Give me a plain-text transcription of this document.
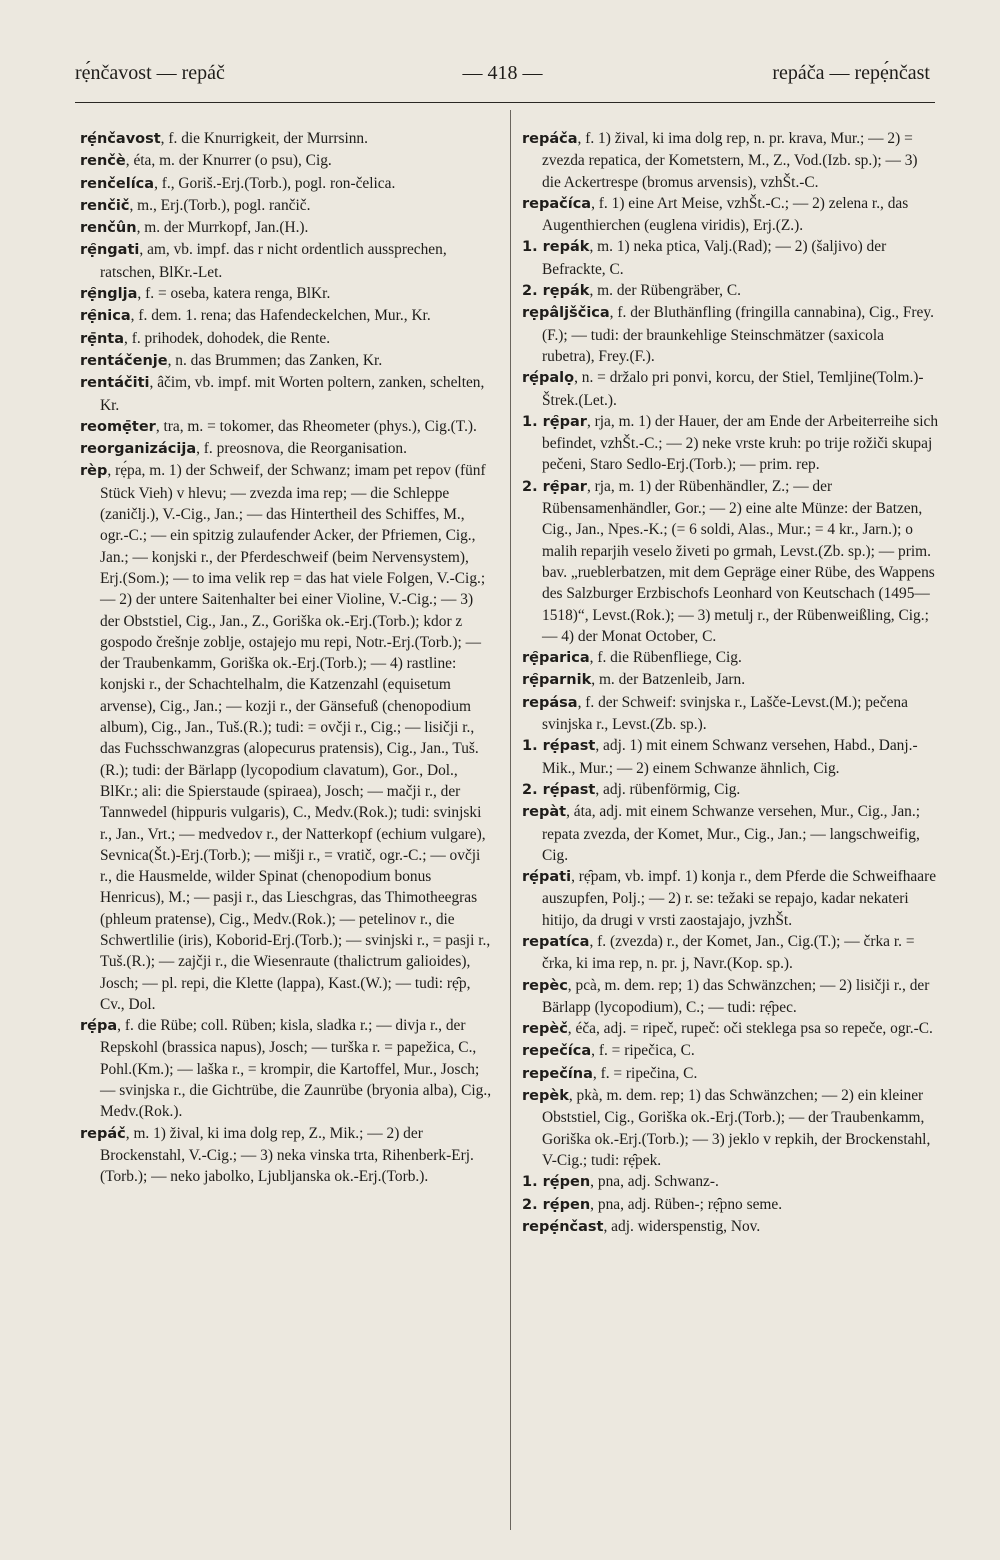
rẹ́nčavost — repáč	— 418 —	repáča — repẹ́nčast

rẹ́nčavost, f. die Knurrigkeit, der Murrsinn.

renčè, éta, m. der Knurrer (o psu), Cig.

renčelíca, f., Goriš.-Erj.(Torb.), pogl. ron-čelica.

renčič, m., Erj.(Torb.), pogl. rančič.

renčûn, m. der Murrkopf, Jan.(H.).

rẹ̑ngati, am, vb. impf. das r nicht ordentlich aussprechen, ratschen, BlKr.-Let.

rẹ̑nglja, f. = oseba, katera renga, BlKr.

rẹ̑nica, f. dem. 1. rena; das Hafendeckelchen, Mur., Kr.

rẹ̄nta, f. prihodek, dohodek, die Rente.

rentáčenje, n. das Brummen; das Zanken, Kr.

rentáčiti, âčim, vb. impf. mit Worten poltern, zanken, schelten, Kr.

reomẹ̄ter, tra, m. = tokomer, das Rheometer (phys.), Cig.(T.).

reorganizácija, f. preosnova, die Reorganisation.

rèp, rẹ́pa, m. 1) der Schweif, der Schwanz; imam pet repov (fünf Stück Vieh) v hlevu; — zvezda ima rep; — die Schleppe (zaničlj.), V.-Cig., Jan.; — das Hintertheil des Schiffes, M., ogr.-C.; — ein spitzig zulaufender Acker, der Pfriemen, Cig., Jan.; — konjski r., der Pferdeschweif (beim Nervensystem), Erj.(Som.); — to ima velik rep = das hat viele Folgen, V.-Cig.; — 2) der untere Saitenhalter bei einer Violine, V.-Cig.; — 3) der Obststiel, Cig., Jan., Z., Goriška ok.-Erj.(Torb.); kdor z gospodo črešnje zoblje, ostajejo mu repi, Notr.-Erj.(Torb.); — der Traubenkamm, Goriška ok.-Erj.(Torb.); — 4) rastline: konjski r., der Schachtelhalm, die Katzenzahl (equisetum arvense), Cig., Jan.; — kozji r., der Gänsefuß (chenopodium album), Cig., Jan., Tuš.(R.); tudi: = ovčji r., Cig.; — lisičji r., das Fuchsschwanzgras (alopecurus pratensis), Cig., Jan., Tuš.(R.); tudi: der Bärlapp (lycopodium clavatum), Gor., Dol., BlKr.; ali: die Spierstaude (spiraea), Josch; — mačji r., der Tannwedel (hippuris vulgaris), C., Medv.(Rok.); tudi: svinjski r., Jan., Vrt.; — medvedov r., der Natterkopf (echium vulgare), Sevnica(Št.)-Erj.(Torb.); — mišji r., = vratič, ogr.-C.; — ovčji r., die Hausmelde, wilder Spinat (chenopodium bonus Henricus), M.; — pasji r., das Lieschgras, das Thimotheegras (phleum pratense), Cig., Medv.(Rok.); — petelinov r., die Schwertlilie (iris), Koborid-Erj.(Torb.); — svinjski r., = pasji r., Tuš.(R.); — zajčji r., die Wiesenraute (thalictrum galioides), Josch; — pl. repi, die Klette (lappa), Kast.(W.); — tudi: rẹ̑p, Cv., Dol.

rẹ́pa, f. die Rübe; coll. Rüben; kisla, sladka r.; — divja r., der Repskohl (brassica napus), Josch; — turška r. = papežica, C., Pohl.(Km.); — laška r., = krompir, die Kartoffel, Mur., Josch; — svinjska r., die Gichtrübe, die Zaunrübe (bryonia alba), Cig., Medv.(Rok.).

repáč, m. 1) žival, ki ima dolg rep, Z., Mik.; — 2) der Brockenstahl, V.-Cig.; — 3) neka vinska trta, Rihenberk-Erj.(Torb.); — neko jabolko, Ljubljanska ok.-Erj.(Torb.).

repáča, f. 1) žival, ki ima dolg rep, n. pr. krava, Mur.; — 2) = zvezda repatica, der Kometstern, M., Z., Vod.(Izb. sp.); — 3) die Ackertrespe (bromus arvensis), vzhŠt.-C.

repačíca, f. 1) eine Art Meise, vzhŠt.-C.; — 2) zelena r., das Augenthierchen (euglena viridis), Erj.(Z.).

1. repák, m. 1) neka ptica, Valj.(Rad); — 2) (šaljivo) der Befrackte, C.

2. rẹpák, m. der Rübengräber, C.

rẹpâljščica, f. der Bluthänfling (fringilla cannabina), Cig., Frey.(F.); — tudi: der braunkehlige Steinschmätzer (saxicola rubetra), Frey.(F.).

rẹ́palọ, n. = držalo pri ponvi, korcu, der Stiel, Temljine(Tolm.)-Štrek.(Let.).

1. rẹ̑par, rja, m. 1) der Hauer, der am Ende der Arbeiterreihe sich befindet, vzhŠt.-C.; — 2) neke vrste kruh: po trije rožiči skupaj pečeni, Staro Sedlo-Erj.(Torb.); — prim. rep.

2. rẹ̑par, rja, m. 1) der Rübenhändler, Z.; — der Rübensamenhändler, Gor.; — 2) eine alte Münze: der Batzen, Cig., Jan., Npes.-K.; (= 6 soldi, Alas., Mur.; = 4 kr., Jarn.); o malih reparjih veselo živeti po grmah, Levst.(Zb. sp.); — prim. bav. „rueblerbatzen, mit dem Gepräge einer Rübe, des Wappens des Salzburger Erzbischofs Leonhard von Keutschach (1495—1518)“, Levst.(Rok.); — 3) metulj r., der Rübenweißling, Cig.; — 4) der Monat October, C.

rẹ̑parica, f. die Rübenfliege, Cig.

rẹ̑parnik, m. der Batzenleib, Jarn.

repása, f. der Schweif: svinjska r., Lašče-Levst.(M.); pečena svinjska r., Levst.(Zb. sp.).

1. rẹ́past, adj. 1) mit einem Schwanz versehen, Habd., Danj.-Mik., Mur.; — 2) einem Schwanze ähnlich, Cig.

2. rẹ́past, adj. rübenförmig, Cig.

repàt, áta, adj. mit einem Schwanze versehen, Mur., Cig., Jan.; repata zvezda, der Komet, Mur., Cig., Jan.; — langschweifig, Cig.

rẹ́pati, rẹ̑pam, vb. impf. 1) konja r., dem Pferde die Schweifhaare auszupfen, Polj.; — 2) r. se: težaki se repajo, kadar nekateri hitijo, da drugi v vrsti zaostajajo, jvzhŠt.

repatíca, f. (zvezda) r., der Komet, Jan., Cig.(T.); — črka r. = črka, ki ima rep, n. pr. j, Navr.(Kop. sp.).

repèc, pcà, m. dem. rep; 1) das Schwänzchen; — 2) lisičji r., der Bärlapp (lycopodium), C.; — tudi: rẹ̑pec.

repèč, éča, adj. = ripeč, rupeč: oči steklega psa so repeče, ogr.-C.

repečíca, f. = ripečica, C.

repečína, f. = ripečina, C.

repèk, pkà, m. dem. rep; 1) das Schwänzchen; — 2) ein kleiner Obststiel, Cig., Goriška ok.-Erj.(Torb.); — der Traubenkamm, Goriška ok.-Erj.(Torb.); — 3) jeklo v repkih, der Brockenstahl, V-Cig.; tudi: rẹ̑pek.

1. rẹ́pen, pna, adj. Schwanz-.

2. rẹ́pen, pna, adj. Rüben-; rẹ̑pno seme.

repẹ́nčast, adj. widerspenstig, Nov.
